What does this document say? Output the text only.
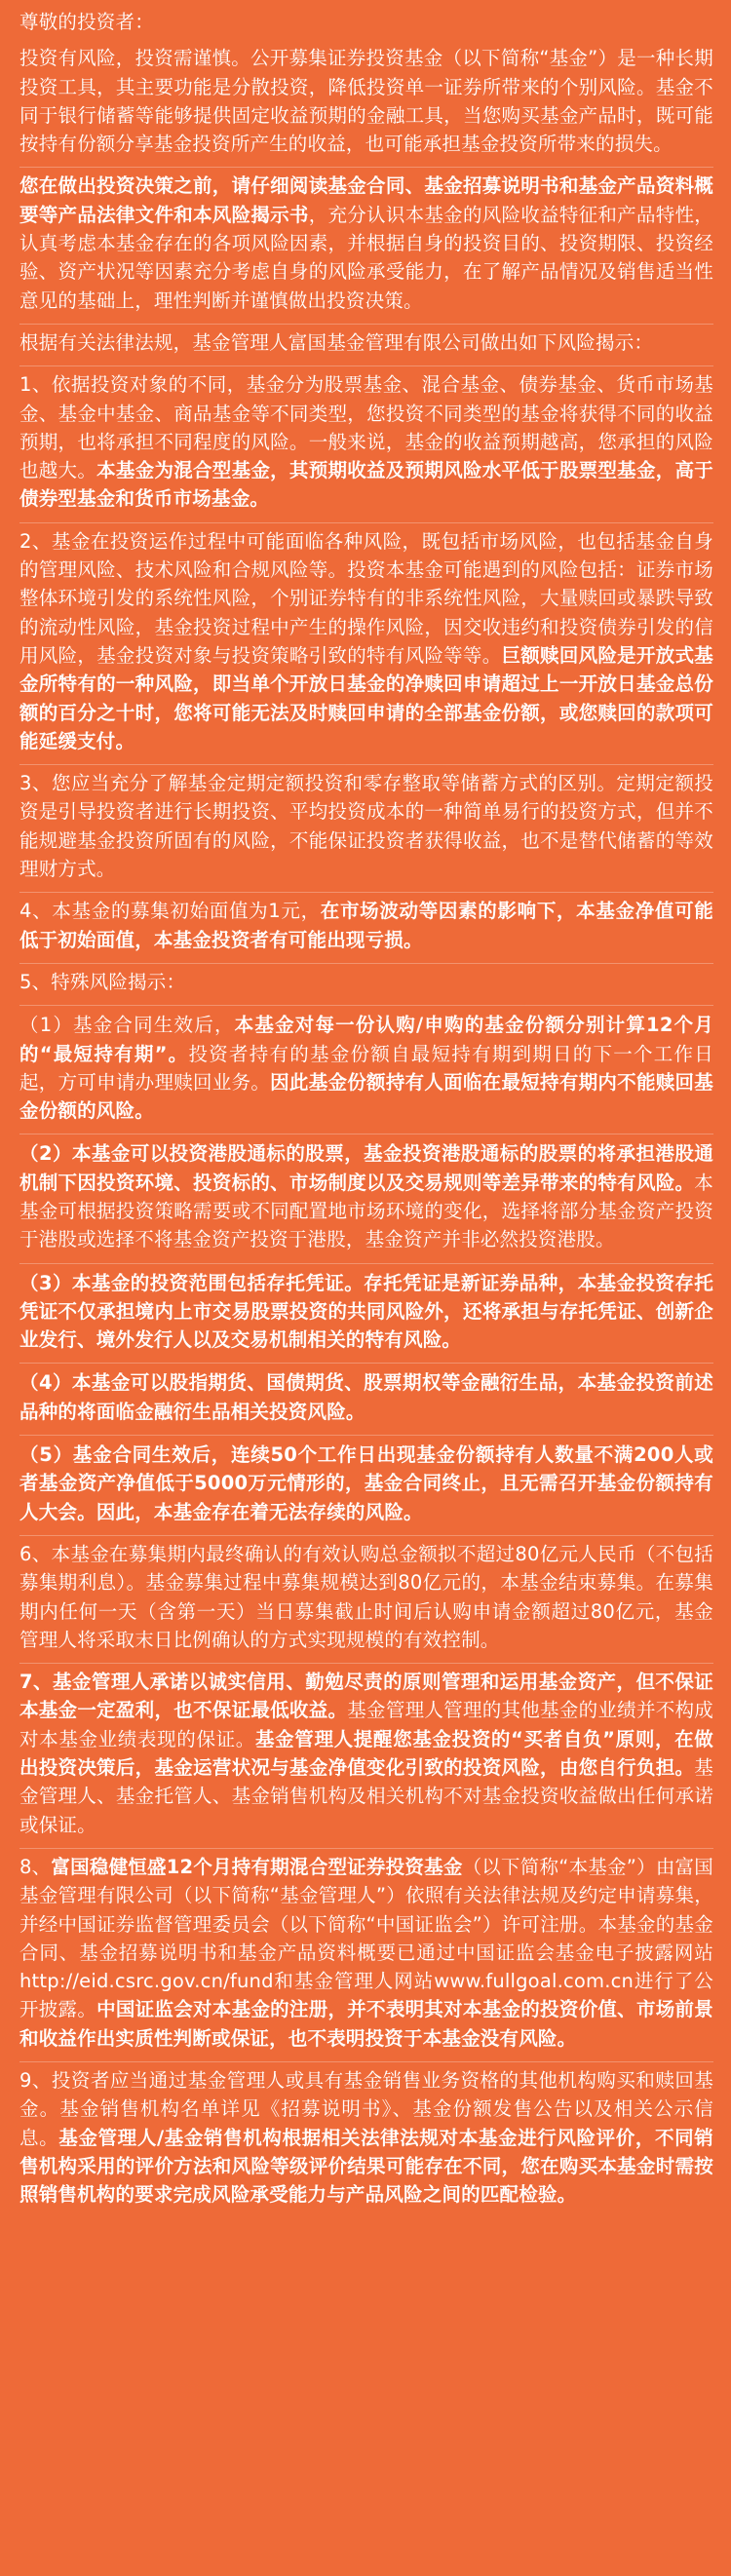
尊敬的投资者：
投资有风险，投资需谨慎。公开募集证券投资基金（以下简称“基金”）是一种长期投资工具，其主要功能是分散投资，降低投资单一证券所带来的个别风险。基金不同于银行储蓄等能够提供固定收益预期的金融工具，当您购买基金产品时，既可能按持有份额分享基金投资所产生的收益，也可能承担基金投资所带来的损失。
您在做出投资决策之前，请仔细阅读基金合同、基金招募说明书和基金产品资料概要等产品法律文件和本风险揭示书，充分认识本基金的风险收益特征和产品特性，认真考虑本基金存在的各项风险因素，并根据自身的投资目的、投资期限、投资经验、资产状况等因素充分考虑自身的风险承受能力，在了解产品情况及销售适当性意见的基础上，理性判断并谨慎做出投资决策。
根据有关法律法规，基金管理人富国基金管理有限公司做出如下风险揭示：
1、依据投资对象的不同，基金分为股票基金、混合基金、债券基金、货币市场基金、基金中基金、商品基金等不同类型，您投资不同类型的基金将获得不同的收益预期，也将承担不同程度的风险。一般来说，基金的收益预期越高，您承担的风险也越大。本基金为混合型基金，其预期收益及预期风险水平低于股票型基金，高于债券型基金和货币市场基金。
2、基金在投资运作过程中可能面临各种风险，既包括市场风险，也包括基金自身的管理风险、技术风险和合规风险等。投资本基金可能遇到的风险包括：证券市场整体环境引发的系统性风险，个别证券特有的非系统性风险，大量赎回或暴跌导致的流动性风险，基金投资过程中产生的操作风险，因交收违约和投资债券引发的信用风险，基金投资对象与投资策略引致的特有风险等等。巨额赎回风险是开放式基金所特有的一种风险，即当单个开放日基金的净赎回申请超过上一开放日基金总份额的百分之十时，您将可能无法及时赎回申请的全部基金份额，或您赎回的款项可能延缓支付。
3、您应当充分了解基金定期定额投资和零存整取等储蓄方式的区别。定期定额投资是引导投资者进行长期投资、平均投资成本的一种简单易行的投资方式，但并不能规避基金投资所固有的风险，不能保证投资者获得收益，也不是替代储蓄的等效理财方式。
4、本基金的募集初始面值为1元，在市场波动等因素的影响下，本基金净值可能低于初始面值，本基金投资者有可能出现亏损。
5、特殊风险揭示：
（1）基金合同生效后，本基金对每一份认购/申购的基金份额分别计算12个月的“最短持有期”。投资者持有的基金份额自最短持有期到期日的下一个工作日起，方可申请办理赎回业务。因此基金份额持有人面临在最短持有期内不能赎回基金份额的风险。
（2）本基金可以投资港股通标的股票，基金投资港股通标的股票的将承担港股通机制下因投资环境、投资标的、市场制度以及交易规则等差异带来的特有风险。本基金可根据投资策略需要或不同配置地市场环境的变化，选择将部分基金资产投资于港股或选择不将基金资产投资于港股，基金资产并非必然投资港股。
（3）本基金的投资范围包括存托凭证。存托凭证是新证券品种，本基金投资存托凭证不仅承担境内上市交易股票投资的共同风险外，还将承担与存托凭证、创新企业发行、境外发行人以及交易机制相关的特有风险。
（4）本基金可以股指期货、国债期货、股票期权等金融衍生品，本基金投资前述品种的将面临金融衍生品相关投资风险。
（5）基金合同生效后，连续50个工作日出现基金份额持有人数量不满200人或者基金资产净值低于5000万元情形的，基金合同终止，且无需召开基金份额持有人大会。因此，本基金存在着无法存续的风险。
6、本基金在募集期内最终确认的有效认购总金额拟不超过80亿元人民币（不包括募集期利息）。基金募集过程中募集规模达到80亿元的，本基金结束募集。在募集期内任何一天（含第一天）当日募集截止时间后认购申请金额超过80亿元，基金管理人将采取末日比例确认的方式实现规模的有效控制。
7、基金管理人承诺以诚实信用、勤勉尽责的原则管理和运用基金资产，但不保证本基金一定盈利，也不保证最低收益。基金管理人管理的其他基金的业绩并不构成对本基金业绩表现的保证。基金管理人提醒您基金投资的“买者自负”原则，在做出投资决策后，基金运营状况与基金净值变化引致的投资风险，由您自行负担。基金管理人、基金托管人、基金销售机构及相关机构不对基金投资收益做出任何承诺或保证。
8、富国稳健恒盛12个月持有期混合型证券投资基金（以下简称“本基金”）由富国基金管理有限公司（以下简称“基金管理人”）依照有关法律法规及约定申请募集，并经中国证券监督管理委员会（以下简称“中国证监会”）许可注册。本基金的基金合同、基金招募说明书和基金产品资料概要已通过中国证监会基金电子披露网站http://eid.csrc.gov.cn/fund和基金管理人网站www.fullgoal.com.cn进行了公开披露。中国证监会对本基金的注册，并不表明其对本基金的投资价值、市场前景和收益作出实质性判断或保证，也不表明投资于本基金没有风险。
9、投资者应当通过基金管理人或具有基金销售业务资格的其他机构购买和赎回基金。基金销售机构名单详见《招募说明书》、基金份额发售公告以及相关公示信息。基金管理人/基金销售机构根据相关法律法规对本基金进行风险评价，不同销售机构采用的评价方法和风险等级评价结果可能存在不同，您在购买本基金时需按照销售机构的要求完成风险承受能力与产品风险之间的匹配检验。
